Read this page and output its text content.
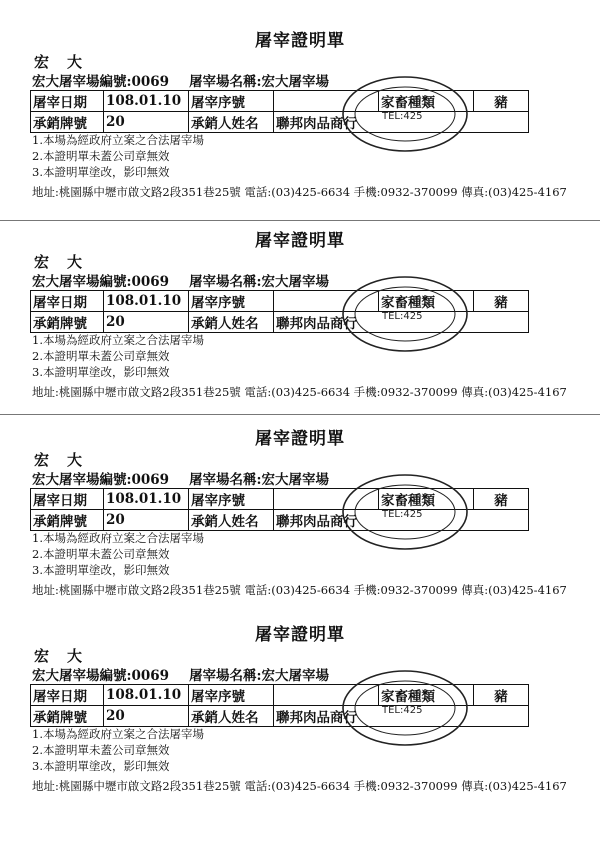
屠宰證明單
宏大
宏大屠宰場編號:0069 屠宰場名稱:宏大屠宰場
屠宰日期	108.01.10	屠宰序號		家畜種類	豬
承銷牌號	20	承銷人姓名	聯邦肉品商行		
1.本場為經政府立案之合法屠宰場
2.本證明單未蓋公司章無效
3.本證明單塗改，影印無效
地址:桃園縣中壢市啟文路2段351巷25號 電話:(03)425-6634 手機:0932-370099 傳真:(03)425-4167
TEL:425
屠宰證明單
宏大
宏大屠宰場編號:0069 屠宰場名稱:宏大屠宰場
屠宰日期	108.01.10	屠宰序號		家畜種類	豬
承銷牌號	20	承銷人姓名	聯邦肉品商行		
1.本場為經政府立案之合法屠宰場
2.本證明單未蓋公司章無效
3.本證明單塗改，影印無效
地址:桃園縣中壢市啟文路2段351巷25號 電話:(03)425-6634 手機:0932-370099 傳真:(03)425-4167
TEL:425
屠宰證明單
宏大
宏大屠宰場編號:0069 屠宰場名稱:宏大屠宰場
屠宰日期	108.01.10	屠宰序號		家畜種類	豬
承銷牌號	20	承銷人姓名	聯邦肉品商行		
1.本場為經政府立案之合法屠宰場
2.本證明單未蓋公司章無效
3.本證明單塗改，影印無效
地址:桃園縣中壢市啟文路2段351巷25號 電話:(03)425-6634 手機:0932-370099 傳真:(03)425-4167
TEL:425
屠宰證明單
宏大
宏大屠宰場編號:0069 屠宰場名稱:宏大屠宰場
屠宰日期	108.01.10	屠宰序號		家畜種類	豬
承銷牌號	20	承銷人姓名	聯邦肉品商行		
1.本場為經政府立案之合法屠宰場
2.本證明單未蓋公司章無效
3.本證明單塗改，影印無效
地址:桃園縣中壢市啟文路2段351巷25號 電話:(03)425-6634 手機:0932-370099 傳真:(03)425-4167
TEL:425
